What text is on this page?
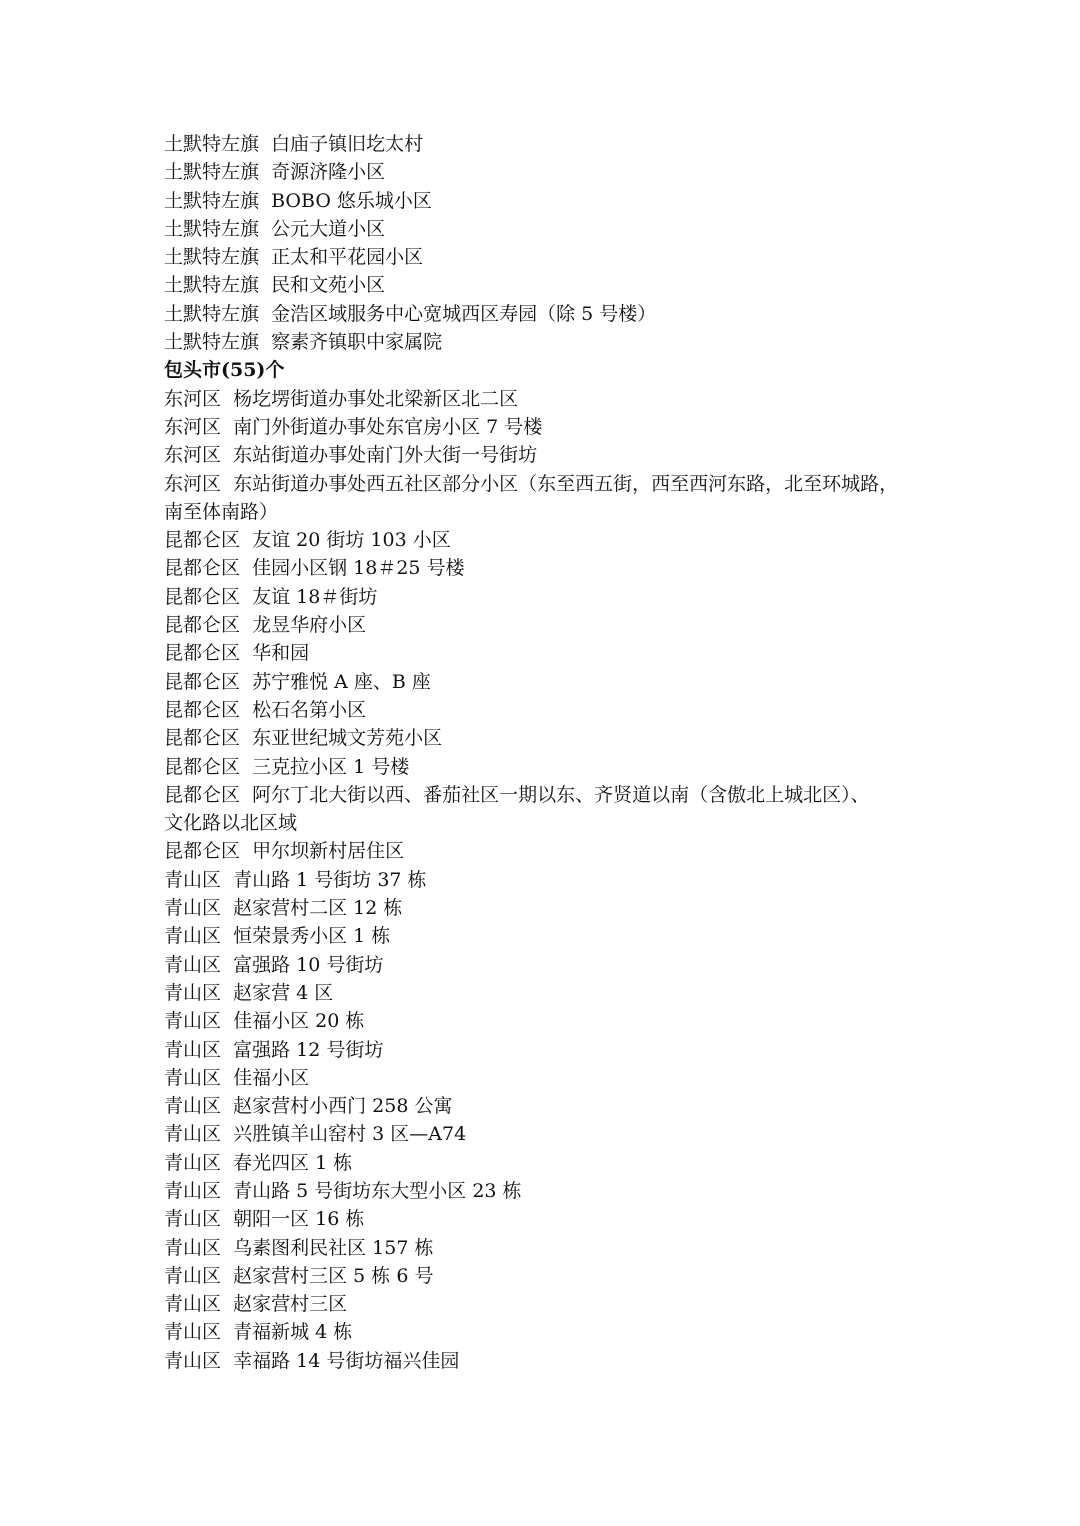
土默特左旗 白庙子镇旧圪太村
土默特左旗 奇源济隆小区
土默特左旗 BOBO 悠乐城小区
土默特左旗 公元大道小区
土默特左旗 正太和平花园小区
土默特左旗 民和文苑小区
土默特左旗 金浩区域服务中心宽城西区寿园（除 5 号楼）
土默特左旗 察素齐镇职中家属院
包头市(55)个
东河区 杨圪塄街道办事处北梁新区北二区
东河区 南门外街道办事处东官房小区 7 号楼
东河区 东站街道办事处南门外大街一号街坊
东河区 东站街道办事处西五社区部分小区（东至西五街，西至西河东路，北至环城路，
南至体南路）
昆都仑区 友谊 20 街坊 103 小区
昆都仑区 佳园小区钢 18＃25 号楼
昆都仑区 友谊 18＃街坊
昆都仑区 龙昱华府小区
昆都仑区 华和园
昆都仑区 苏宁雅悦 A 座、B 座
昆都仑区 松石名第小区
昆都仑区 东亚世纪城文芳苑小区
昆都仑区 三克拉小区 1 号楼
昆都仑区 阿尔丁北大街以西、番茄社区一期以东、齐贤道以南（含傲北上城北区）、
文化路以北区域
昆都仑区 甲尔坝新村居住区
青山区 青山路 1 号街坊 37 栋
青山区 赵家营村二区 12 栋
青山区 恒荣景秀小区 1 栋
青山区 富强路 10 号街坊
青山区 赵家营 4 区
青山区 佳福小区 20 栋
青山区 富强路 12 号街坊
青山区 佳福小区
青山区 赵家营村小西门 258 公寓
青山区 兴胜镇羊山窑村 3 区—A74
青山区 春光四区 1 栋
青山区 青山路 5 号街坊东大型小区 23 栋
青山区 朝阳一区 16 栋
青山区 乌素图利民社区 157 栋
青山区 赵家营村三区 5 栋 6 号
青山区 赵家营村三区
青山区 青福新城 4 栋
青山区 幸福路 14 号街坊福兴佳园
